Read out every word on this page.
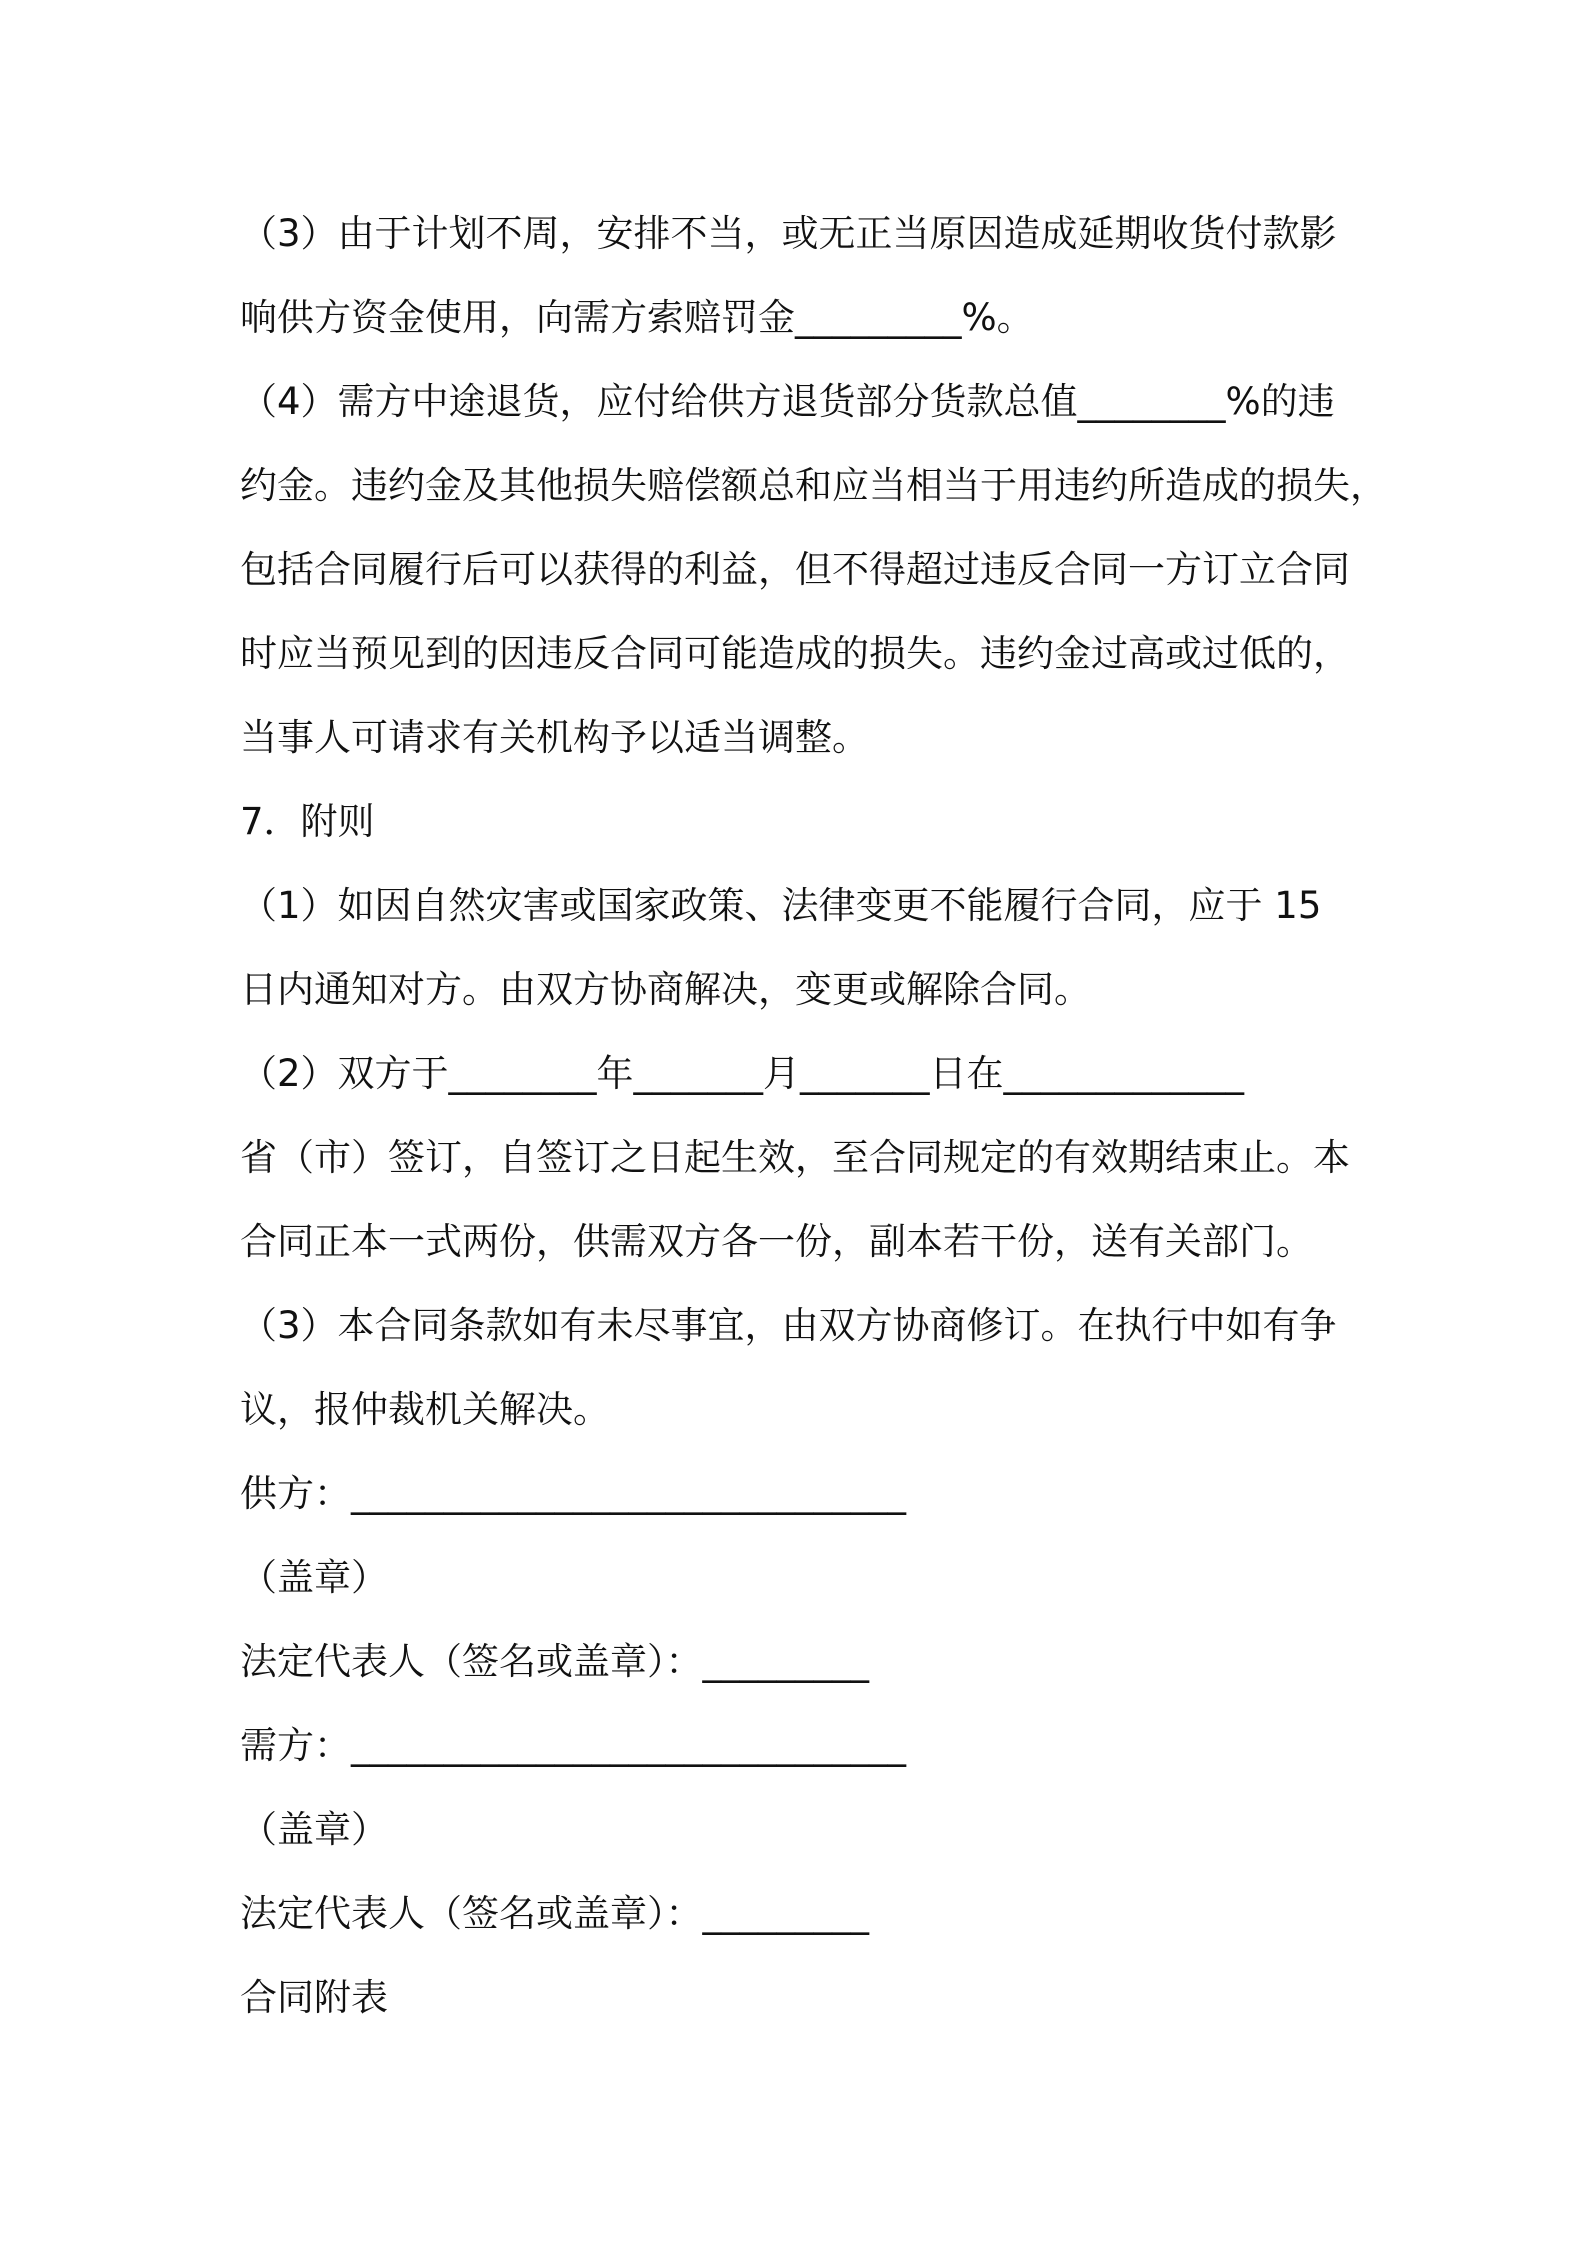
（3）由于计划不周，安排不当，或无正当原因造成延期收货付款影
响供方资金使用，向需方索赔罚金_________%。
（4）需方中途退货，应付给供方退货部分货款总值________%的违
约金。违约金及其他损失赔偿额总和应当相当于用违约所造成的损失，
包括合同履行后可以获得的利益，但不得超过违反合同一方订立合同
时应当预见到的因违反合同可能造成的损失。违约金过高或过低的，
当事人可请求有关机构予以适当调整。
7．附则
（1）如因自然灾害或国家政策、法律变更不能履行合同，应于 15
日内通知对方。由双方协商解决，变更或解除合同。
（2）双方于________年_______月_______日在_____________
省（市）签订，自签订之日起生效，至合同规定的有效期结束止。本
合同正本一式两份，供需双方各一份，副本若干份，送有关部门。
（3）本合同条款如有未尽事宜，由双方协商修订。在执行中如有争
议，报仲裁机关解决。
供方：______________________________
（盖章）
法定代表人（签名或盖章）：_________
需方：______________________________
（盖章）
法定代表人（签名或盖章）：_________
合同附表
